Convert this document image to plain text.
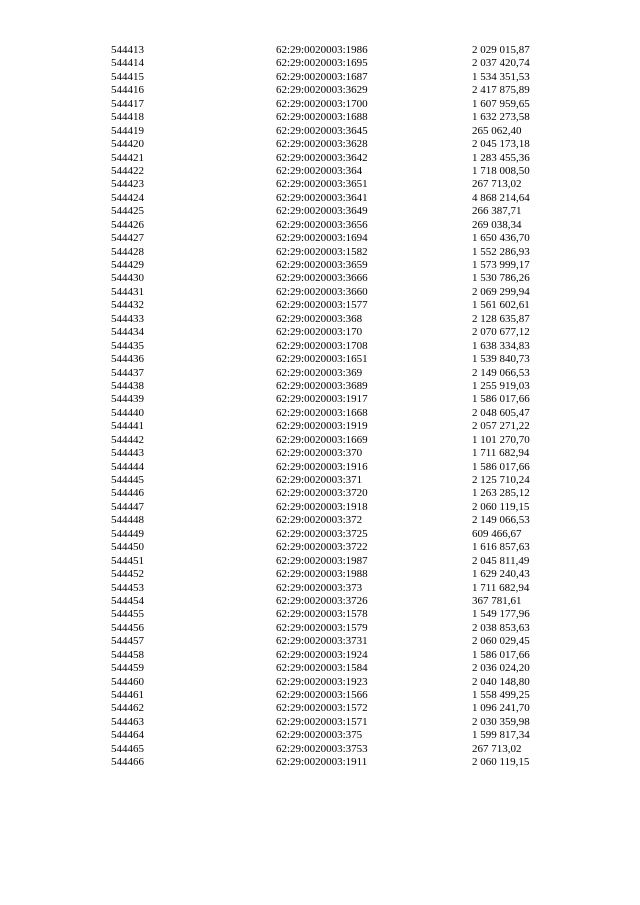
544413	62:29:0020003:1986	2 029 015,87
544414	62:29:0020003:1695	2 037 420,74
544415	62:29:0020003:1687	1 534 351,53
544416	62:29:0020003:3629	2 417 875,89
544417	62:29:0020003:1700	1 607 959,65
544418	62:29:0020003:1688	1 632 273,58
544419	62:29:0020003:3645	265 062,40
544420	62:29:0020003:3628	2 045 173,18
544421	62:29:0020003:3642	1 283 455,36
544422	62:29:0020003:364	1 718 008,50
544423	62:29:0020003:3651	267 713,02
544424	62:29:0020003:3641	4 868 214,64
544425	62:29:0020003:3649	266 387,71
544426	62:29:0020003:3656	269 038,34
544427	62:29:0020003:1694	1 650 436,70
544428	62:29:0020003:1582	1 552 286,93
544429	62:29:0020003:3659	1 573 999,17
544430	62:29:0020003:3666	1 530 786,26
544431	62:29:0020003:3660	2 069 299,94
544432	62:29:0020003:1577	1 561 602,61
544433	62:29:0020003:368	2 128 635,87
544434	62:29:0020003:170	2 070 677,12
544435	62:29:0020003:1708	1 638 334,83
544436	62:29:0020003:1651	1 539 840,73
544437	62:29:0020003:369	2 149 066,53
544438	62:29:0020003:3689	1 255 919,03
544439	62:29:0020003:1917	1 586 017,66
544440	62:29:0020003:1668	2 048 605,47
544441	62:29:0020003:1919	2 057 271,22
544442	62:29:0020003:1669	1 101 270,70
544443	62:29:0020003:370	1 711 682,94
544444	62:29:0020003:1916	1 586 017,66
544445	62:29:0020003:371	2 125 710,24
544446	62:29:0020003:3720	1 263 285,12
544447	62:29:0020003:1918	2 060 119,15
544448	62:29:0020003:372	2 149 066,53
544449	62:29:0020003:3725	609 466,67
544450	62:29:0020003:3722	1 616 857,63
544451	62:29:0020003:1987	2 045 811,49
544452	62:29:0020003:1988	1 629 240,43
544453	62:29:0020003:373	1 711 682,94
544454	62:29:0020003:3726	367 781,61
544455	62:29:0020003:1578	1 549 177,96
544456	62:29:0020003:1579	2 038 853,63
544457	62:29:0020003:3731	2 060 029,45
544458	62:29:0020003:1924	1 586 017,66
544459	62:29:0020003:1584	2 036 024,20
544460	62:29:0020003:1923	2 040 148,80
544461	62:29:0020003:1566	1 558 499,25
544462	62:29:0020003:1572	1 096 241,70
544463	62:29:0020003:1571	2 030 359,98
544464	62:29:0020003:375	1 599 817,34
544465	62:29:0020003:3753	267 713,02
544466	62:29:0020003:1911	2 060 119,15
